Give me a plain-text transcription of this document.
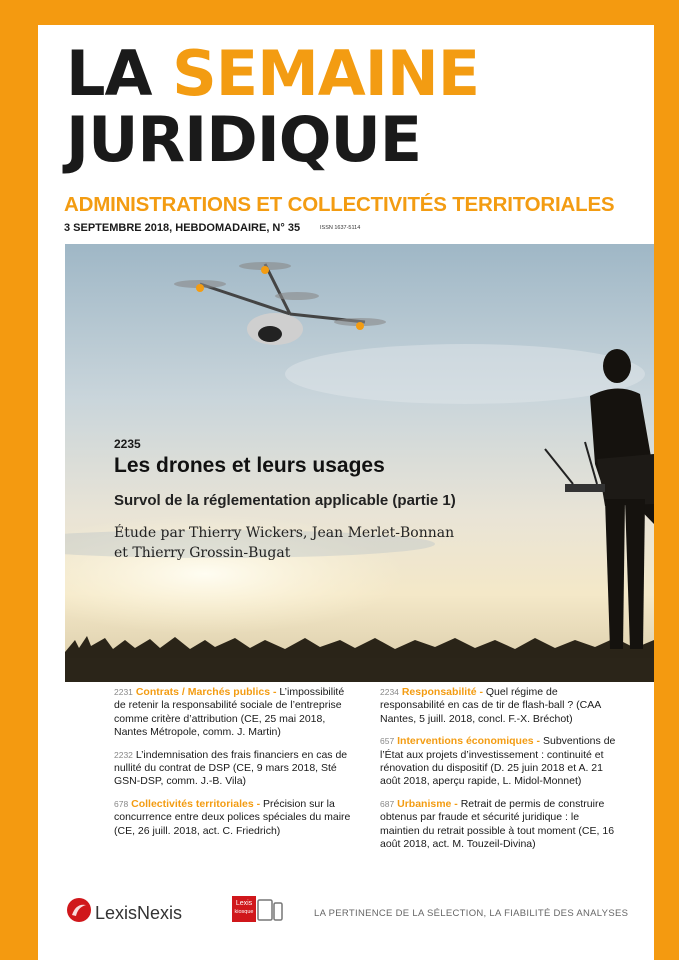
LA SEMAINE
JURIDIQUE
ADMINISTRATIONS ET COLLECTIVITÉS TERRITORIALES
3 SEPTEMBRE 2018, HEBDOMADAIRE, N° 35	ISSN 1637-5114
2235
Les drones et leurs usages
Survol de la réglementation applicable (partie 1)
Étude par Thierry Wickers, Jean Merlet-Bonnan
et Thierry Grossin-Bugat
2231 Contrats / Marchés publics - L’impossibilité de retenir la responsabilité sociale de l’entreprise comme critère d’attribution (CE, 25 mai 2018, Nantes Métropole, comm. J. Martin)
2232 L’indemnisation des frais financiers en cas de nullité du contrat de DSP (CE, 9 mars 2018, Sté GSN-DSP, comm. J.-B. Vila)
678 Collectivités territoriales - Précision sur la concurrence entre deux polices spéciales du maire (CE, 26 juill. 2018, act. C. Friedrich)
2234 Responsabilité - Quel régime de responsabilité en cas de tir de flash-ball ? (CAA Nantes, 5 juill. 2018, concl. F.-X. Bréchot)
657 Interventions économiques - Subventions de l’État aux projets d’investissement : continuité et rénovation du dispositif (D. 25 juin 2018 et A. 21 août 2018, aperçu rapide, L. Midol-Monnet)
687 Urbanisme - Retrait de permis de construire obtenus par fraude et sécurité juridique : le maintien du retrait possible à tout moment (CE, 16 août 2018, act. M. Touzeil-Divina)
LexisNexis	Lexis
kiosque	LA PERTINENCE DE LA SÉLECTION, LA FIABILITÉ DES ANALYSES
